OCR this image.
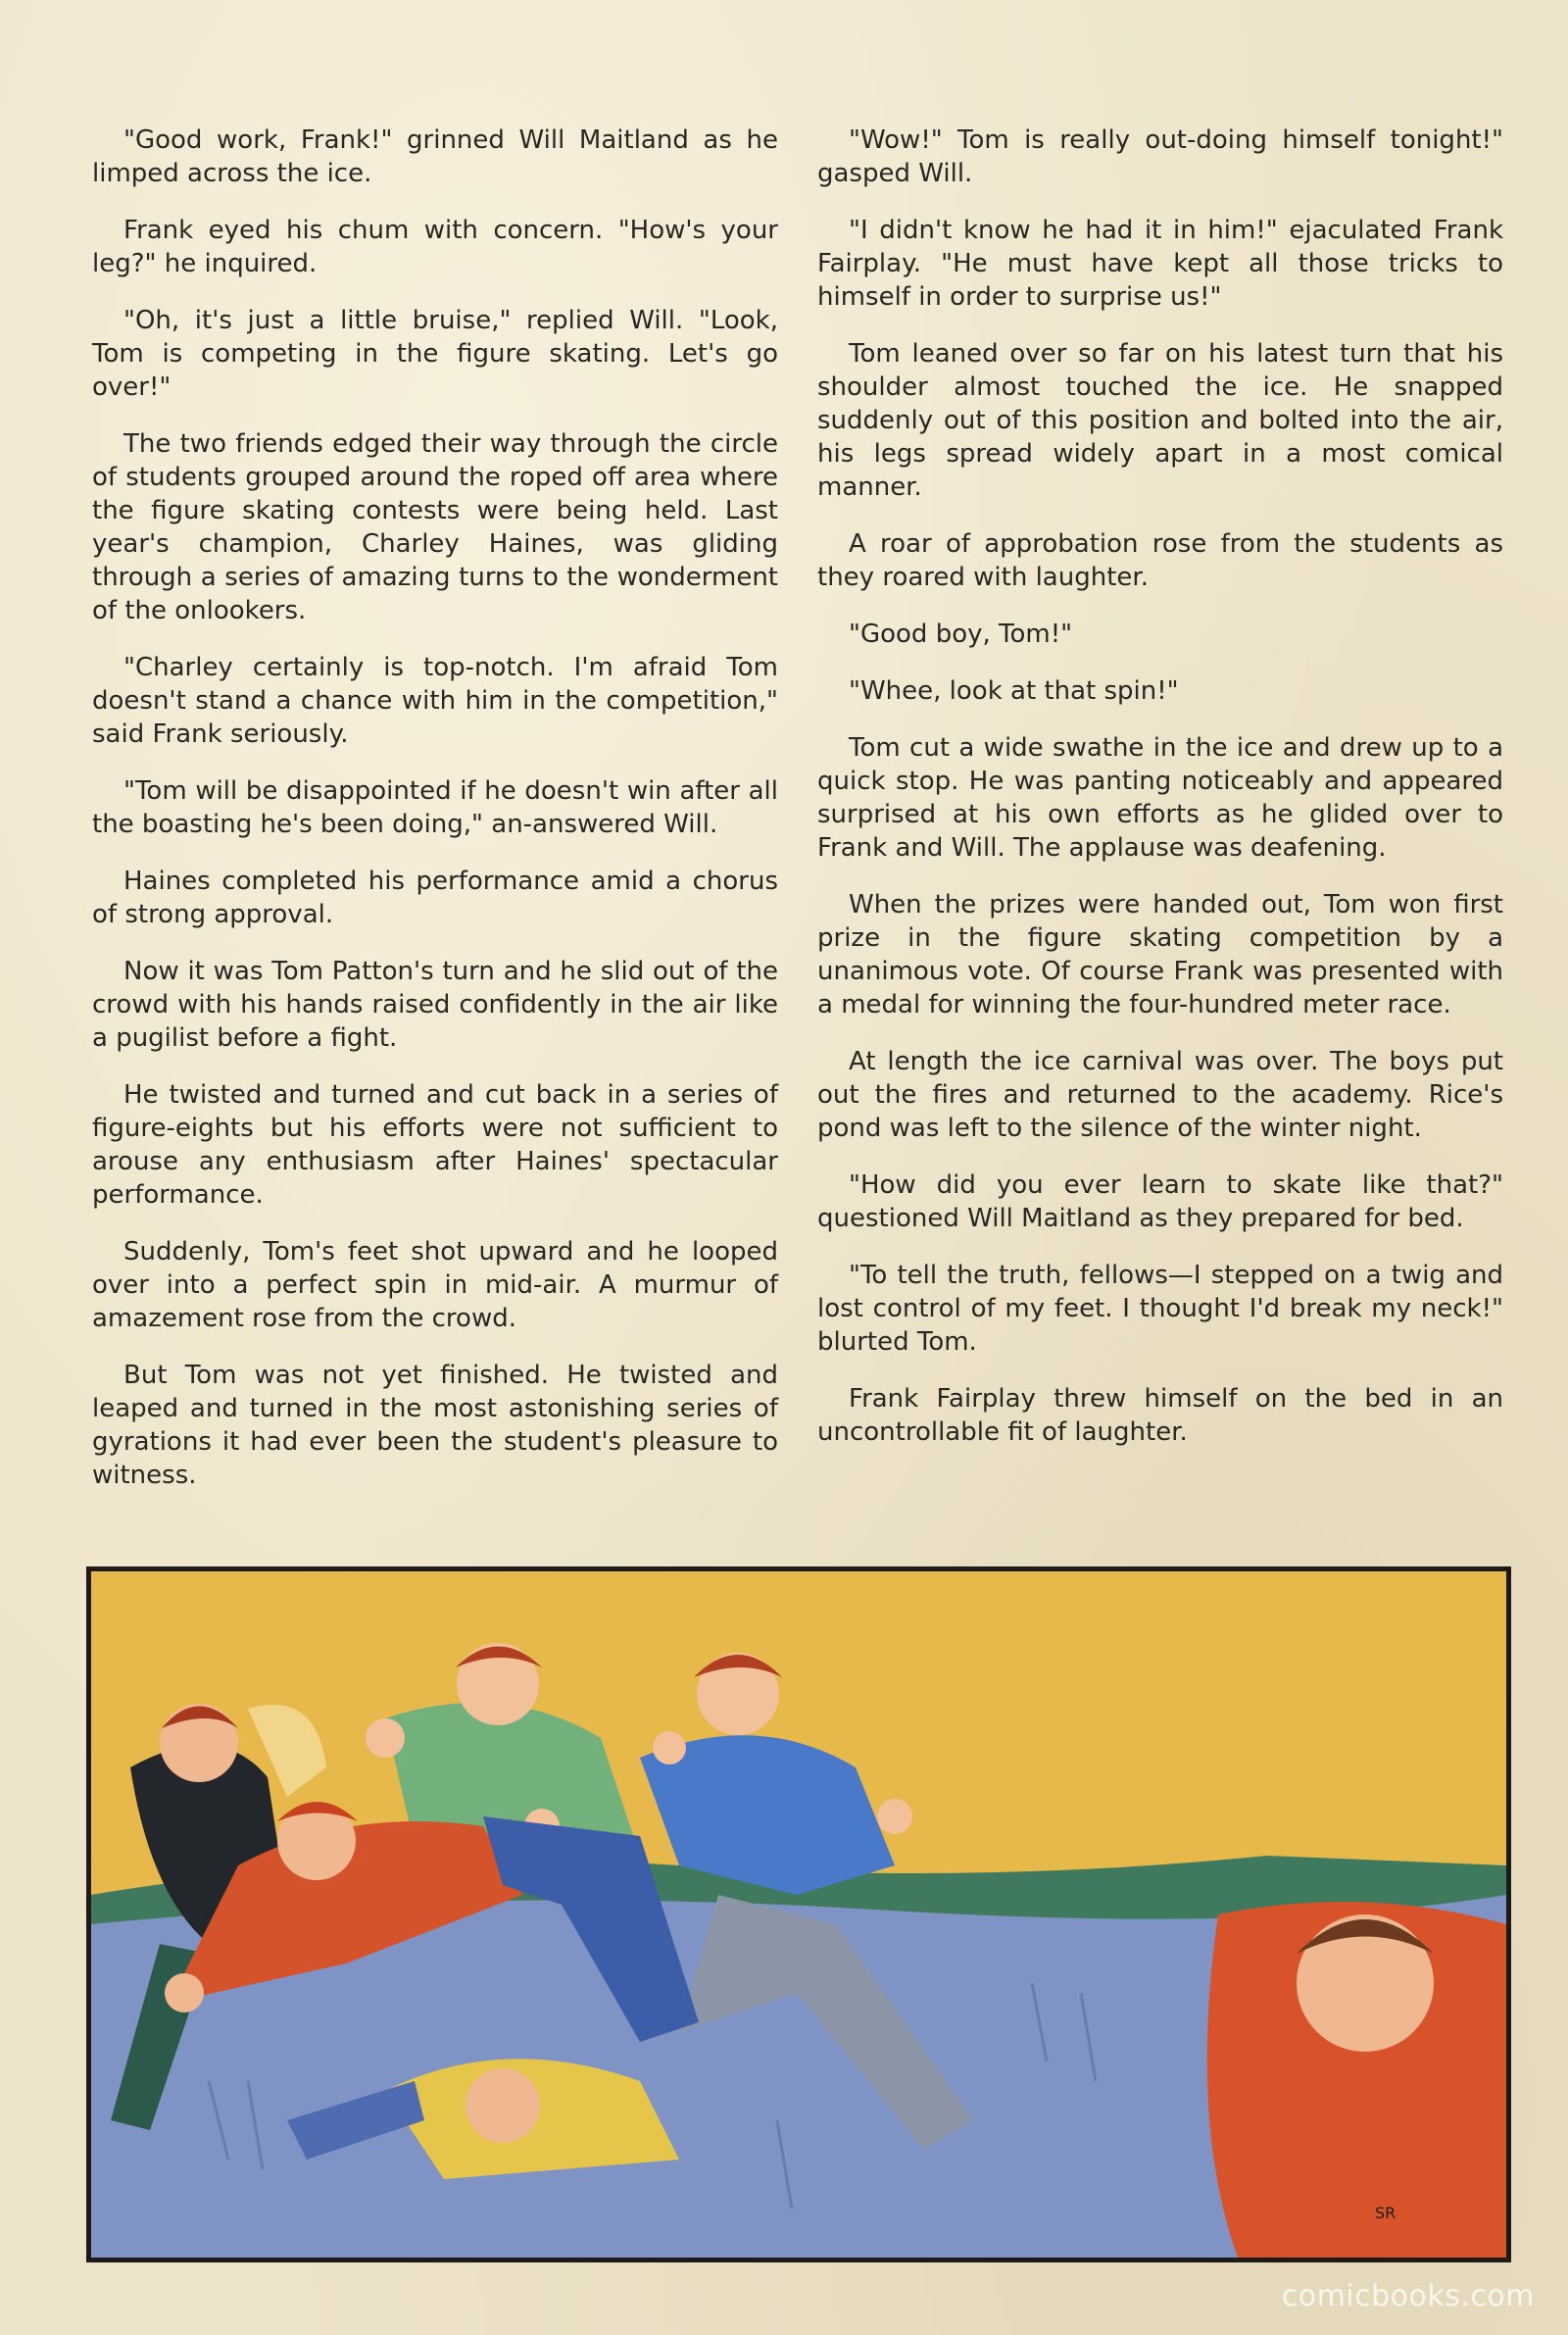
"Good work, Frank!" grinned Will Maitland as he limped across the ice.

Frank eyed his chum with concern. "How's your leg?" he inquired.

"Oh, it's just a little bruise," replied Will. "Look, Tom is competing in the figure skating. Let's go over!"

The two friends edged their way through the circle of students grouped around the roped off area where the figure skating contests were being held. Last year's champion, Charley Haines, was gliding through a series of amazing turns to the wonderment of the onlookers.

"Charley certainly is top-notch. I'm afraid Tom doesn't stand a chance with him in the competition," said Frank seriously.

"Tom will be disappointed if he doesn't win after all the boasting he's been doing," an-answered Will.

Haines completed his performance amid a chorus of strong approval.

Now it was Tom Patton's turn and he slid out of the crowd with his hands raised confidently in the air like a pugilist before a fight.

He twisted and turned and cut back in a series of figure-eights but his efforts were not sufficient to arouse any enthusiasm after Haines' spectacular performance.

Suddenly, Tom's feet shot upward and he looped over into a perfect spin in mid-air. A murmur of amazement rose from the crowd.

But Tom was not yet finished. He twisted and leaped and turned in the most astonishing series of gyrations it had ever been the student's pleasure to witness.

"Wow!" Tom is really out-doing himself tonight!" gasped Will.

"I didn't know he had it in him!" ejaculated Frank Fairplay. "He must have kept all those tricks to himself in order to surprise us!"

Tom leaned over so far on his latest turn that his shoulder almost touched the ice. He snapped suddenly out of this position and bolted into the air, his legs spread widely apart in a most comical manner.

A roar of approbation rose from the students as they roared with laughter.

"Good boy, Tom!"

"Whee, look at that spin!"

Tom cut a wide swathe in the ice and drew up to a quick stop. He was panting noticeably and appeared surprised at his own efforts as he glided over to Frank and Will. The applause was deafening.

When the prizes were handed out, Tom won first prize in the figure skating competition by a unanimous vote. Of course Frank was presented with a medal for winning the four-hundred meter race.

At length the ice carnival was over. The boys put out the fires and returned to the academy. Rice's pond was left to the silence of the winter night.

"How did you ever learn to skate like that?" questioned Will Maitland as they prepared for bed.

"To tell the truth, fellows—I stepped on a twig and lost control of my feet. I thought I'd break my neck!" blurted Tom.

Frank Fairplay threw himself on the bed in an uncontrollable fit of laughter.

SR
comicbooks.com
